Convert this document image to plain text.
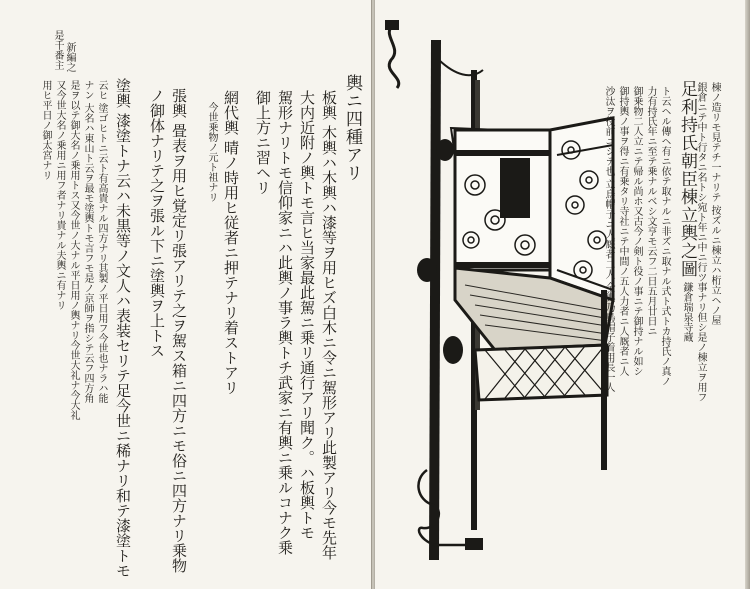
是千番主 新編之
輿ニ四種アリ
板輿 木輿ハ木輿ハ漆等ヲ用ヒズ白木ニ令ニ駕形アリ此製アリ今モ先年
大内近附ノ輿トモ言ヒ当家最此駕ニ乗リ通行アリ聞ク。ハ板輿トモ
駕形ナリトモ信仰家ニハ此輿ノ事ラ輿トチ武家ニ有輿ニ乗ルコナク乗
御上方ニ習ヘリ
網代輿 晴ノ時用ヒ従者ニ押テナリ着ストアリ
今世乗物ノ元ト祖ナリ
張輿 畳表ヲ用ヒ覚定リ張アリテ之ヲ駕ス箱ニ四方ニモ俗ニ四方ナリ乗物
ノ御体ナリテ之ヲ張ル下ニ塗輿ヲ上トス
塗輿 漆塗トナ云ハ未黒等ノ文人ハ表装セリテ足今世ニ稀ナリ和テ漆塗トモ
云ヒ 塗ゴヒトニ云ト有高貴ナル四方ナリ其製ノ平日用フ今世也ナラハ能
ナン 大名ハ東山ト云ヲ最モ塗輿トモ言フモ是ノ京師ヲ指シテ云フ四方角
是ヲ以テ御大名ノ乗用トス又今世ノ大ナル平日用ノ輿ナリ今世大礼ナ今大礼
又今世大名ノ乗用ニ用フ者ナリ貴ナル夫輿ニ有ナリ
用ヒ平日ノ御太宮ナリ	足利持氏朝臣棟立輿之圖
鎌倉瑞泉寺蔵 棟ノ造リモ見テチ一ナリテ 按ズルニ棟立ハ桁立ヘノ屋
銀倉ニテ中ト行タニ名トシ宛ト年ニ中ニ行ツ事ナリ但シ是ノ棟立ヲ用フ
ト云ヘル傳ヘ有ニ依テ取ナルニ非ズニ取ナル式ト式トカ持氏ノ真ノ
力有持氏年ニ至テ乗ナルベシ文亨モ云フ二日五月廿日ニ
御乗物二人立ニテ帰ル尚ホ又古今ノ剣ト役ノ事ニテ御持ナル如シ
御持輿ノ事ヲ得ニ有乗タリ寺社ニテ中間ノ五人力者ニ人厩者ニ人
沙汰ヲ役前ニシテ也 立烏帽子ニ人厩者二人 全輿乃鳥帽子着用長一人
